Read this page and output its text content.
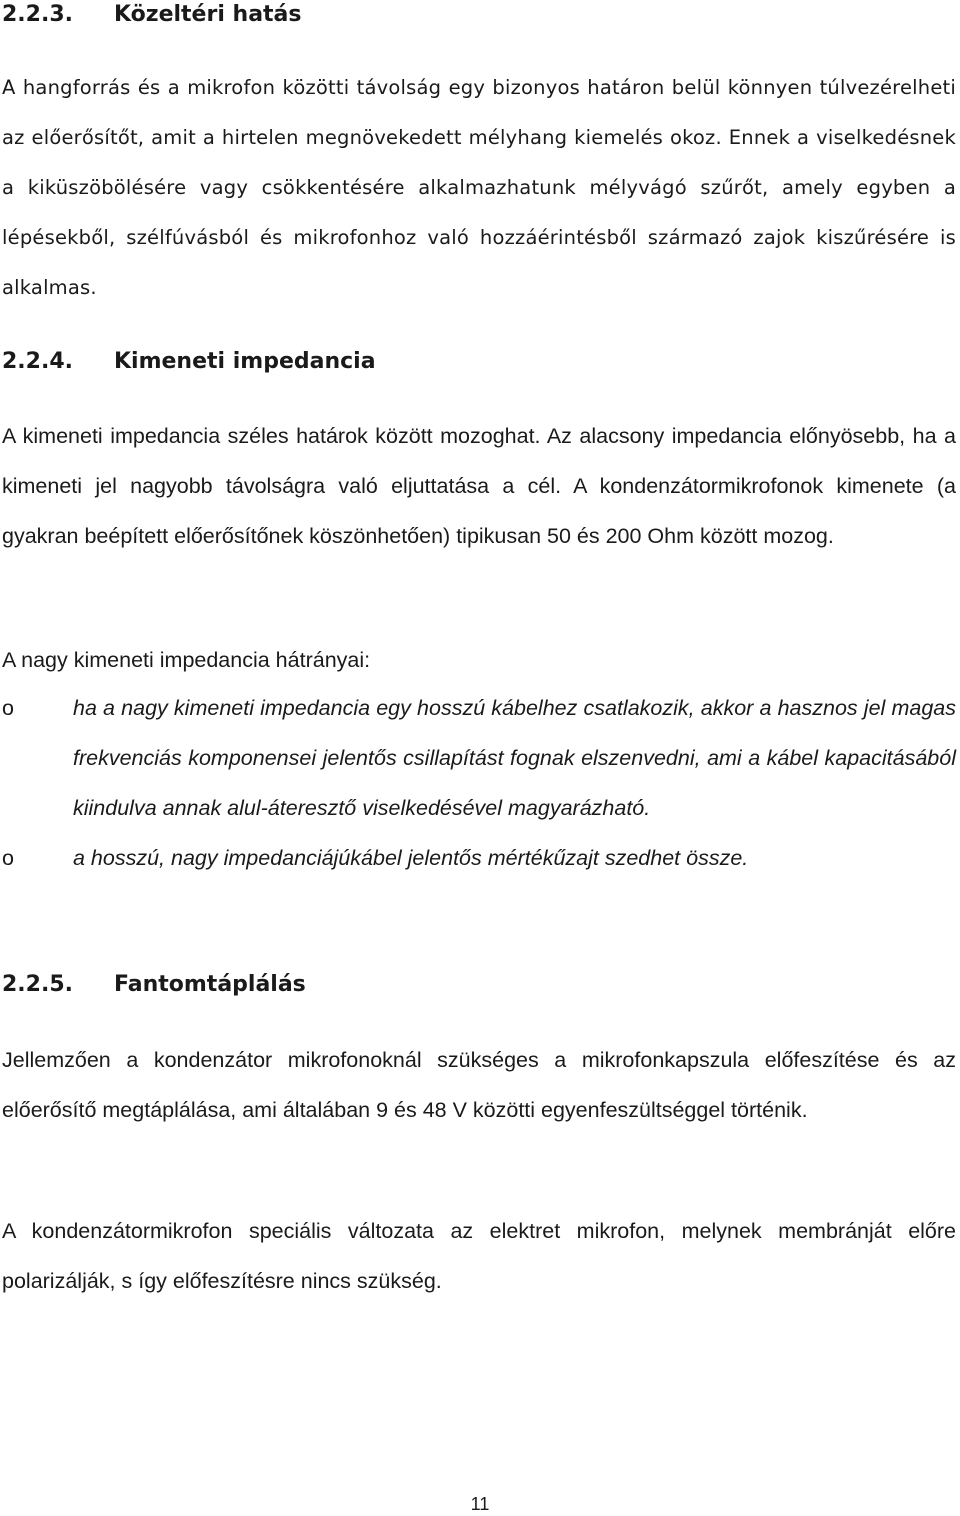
2.2.3. Közeltéri hatás

A hangforrás és a mikrofon közötti távolság egy bizonyos határon belül könnyen túlvezérelheti az előerősítőt, amit a hirtelen megnövekedett mélyhang kiemelés okoz. Ennek a viselkedésnek a kiküszöbölésére vagy csökkentésére alkalmazhatunk mélyvágó szűrőt, amely egyben a lépésekből, szélfúvásból és mikrofonhoz való hozzáérintésből származó zajok kiszűrésére is alkalmas.

2.2.4. Kimeneti impedancia

A kimeneti impedancia széles határok között mozoghat. Az alacsony impedancia előnyösebb, ha a kimeneti jel nagyobb távolságra való eljuttatása a cél. A kondenzátormikrofonok kimenete (a gyakran beépített előerősítőnek köszönhetően) tipikusan 50 és 200 Ohm között mozog.

A nagy kimeneti impedancia hátrányai:

o	ha a nagy kimeneti impedancia egy hosszú kábelhez csatlakozik, akkor a hasznos jel magas frekvenciás komponensei jelentős csillapítást fognak elszenvedni, ami a kábel kapacitásából kiindulva annak alul-áteresztő viselkedésével magyarázható.
o	a hosszú, nagy impedanciájúkábel jelentős mértékűzajt szedhet össze.
2.2.5. Fantomtáplálás

Jellemzően a kondenzátor mikrofonoknál szükséges a mikrofonkapszula előfeszítése és az előerősítő megtáplálása, ami általában 9 és 48 V közötti egyenfeszültséggel történik.

A kondenzátormikrofon speciális változata az elektret mikrofon, melynek membránját előre polarizálják, s így előfeszítésre nincs szükség.

11
